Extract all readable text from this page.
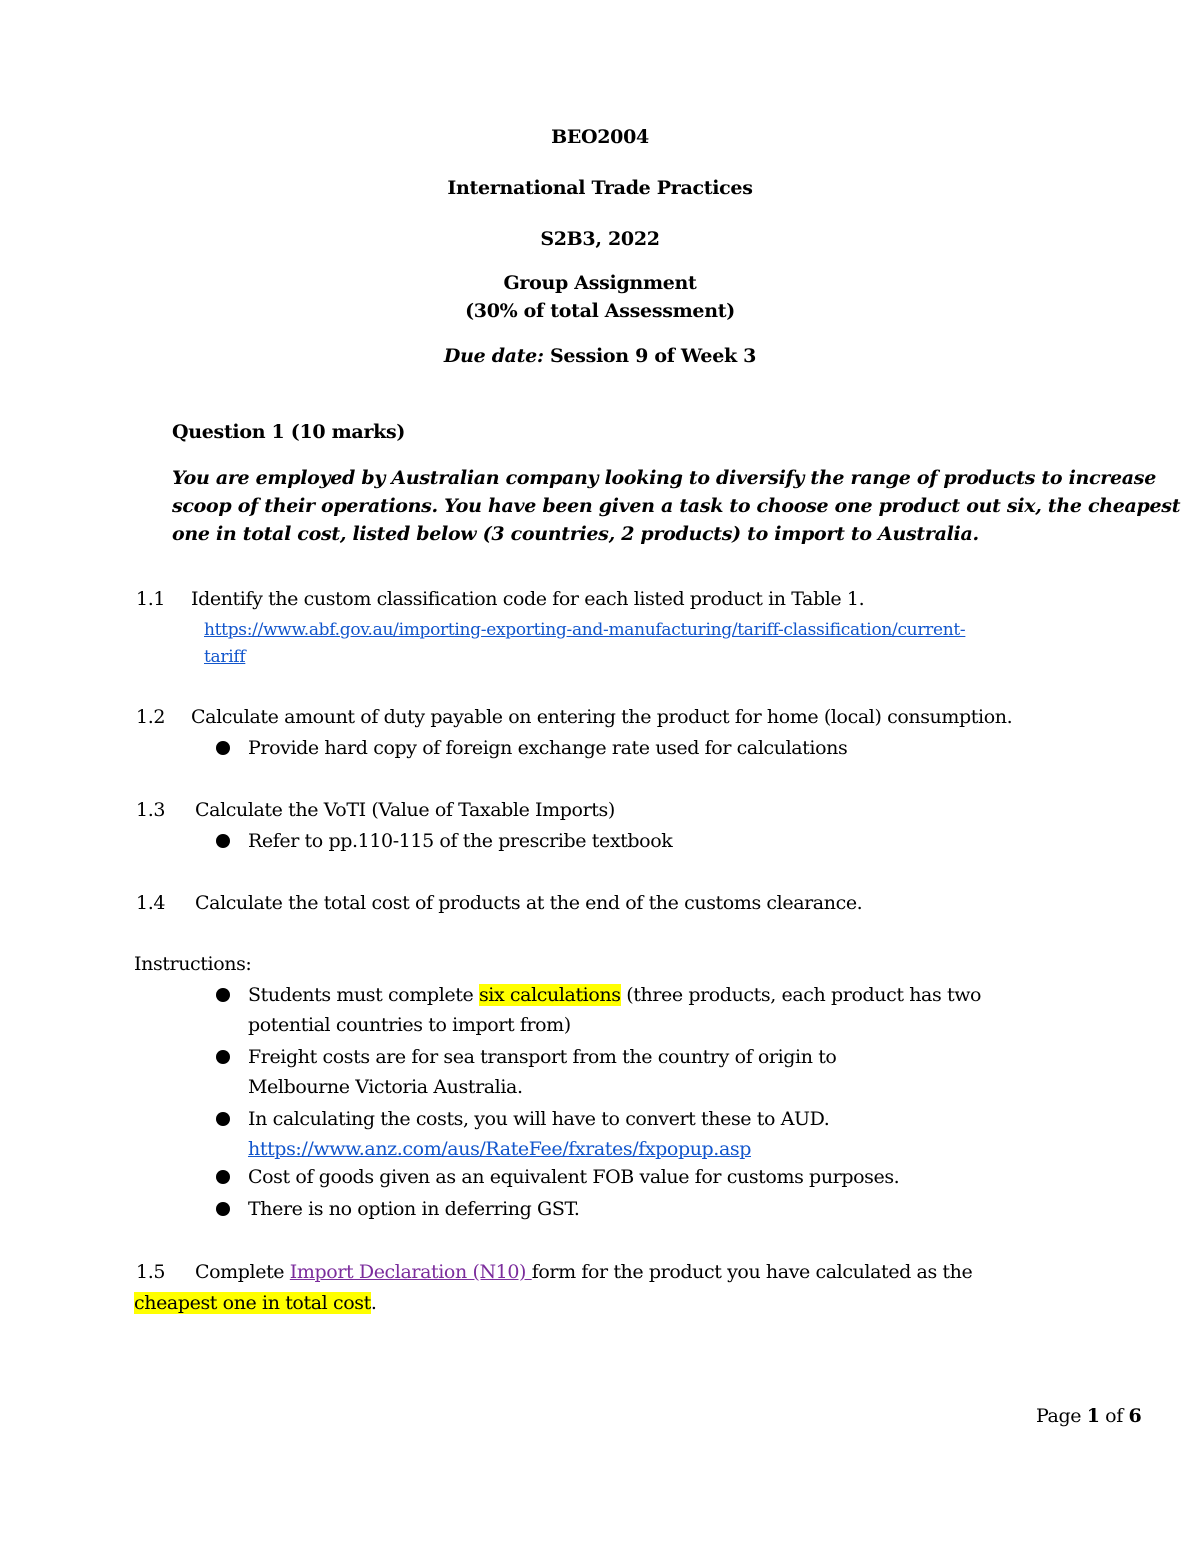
BEO2004
International Trade Practices
S2B3, 2022
Group Assignment
(30% of total Assessment)
Due date: Session 9 of Week 3
Question 1 (10 marks)
You are employed by Australian company looking to diversify the range of products to increase
scoop of their operations. You have been given a task to choose one product out six, the cheapest
one in total cost, listed below (3 countries, 2 products) to import to Australia.
1.1 Identify the custom classification code for each listed product in Table 1.
https://www.abf.gov.au/importing-exporting-and-manufacturing/tariff-classification/current-
tariff
1.2 Calculate amount of duty payable on entering the product for home (local) consumption.
Provide hard copy of foreign exchange rate used for calculations
1.3 Calculate the VoTI (Value of Taxable Imports)
Refer to pp.110-115 of the prescribe textbook
1.4 Calculate the total cost of products at the end of the customs clearance.
Instructions:
Students must complete six calculations (three products, each product has two
potential countries to import from)
Freight costs are for sea transport from the country of origin to
Melbourne Victoria Australia.
In calculating the costs, you will have to convert these to AUD.
https://www.anz.com/aus/RateFee/fxrates/fxpopup.asp
Cost of goods given as an equivalent FOB value for customs purposes.
There is no option in deferring GST.
1.5 Complete Import Declaration (N10) form for the product you have calculated as the
cheapest one in total cost.
Page 1 of 6
